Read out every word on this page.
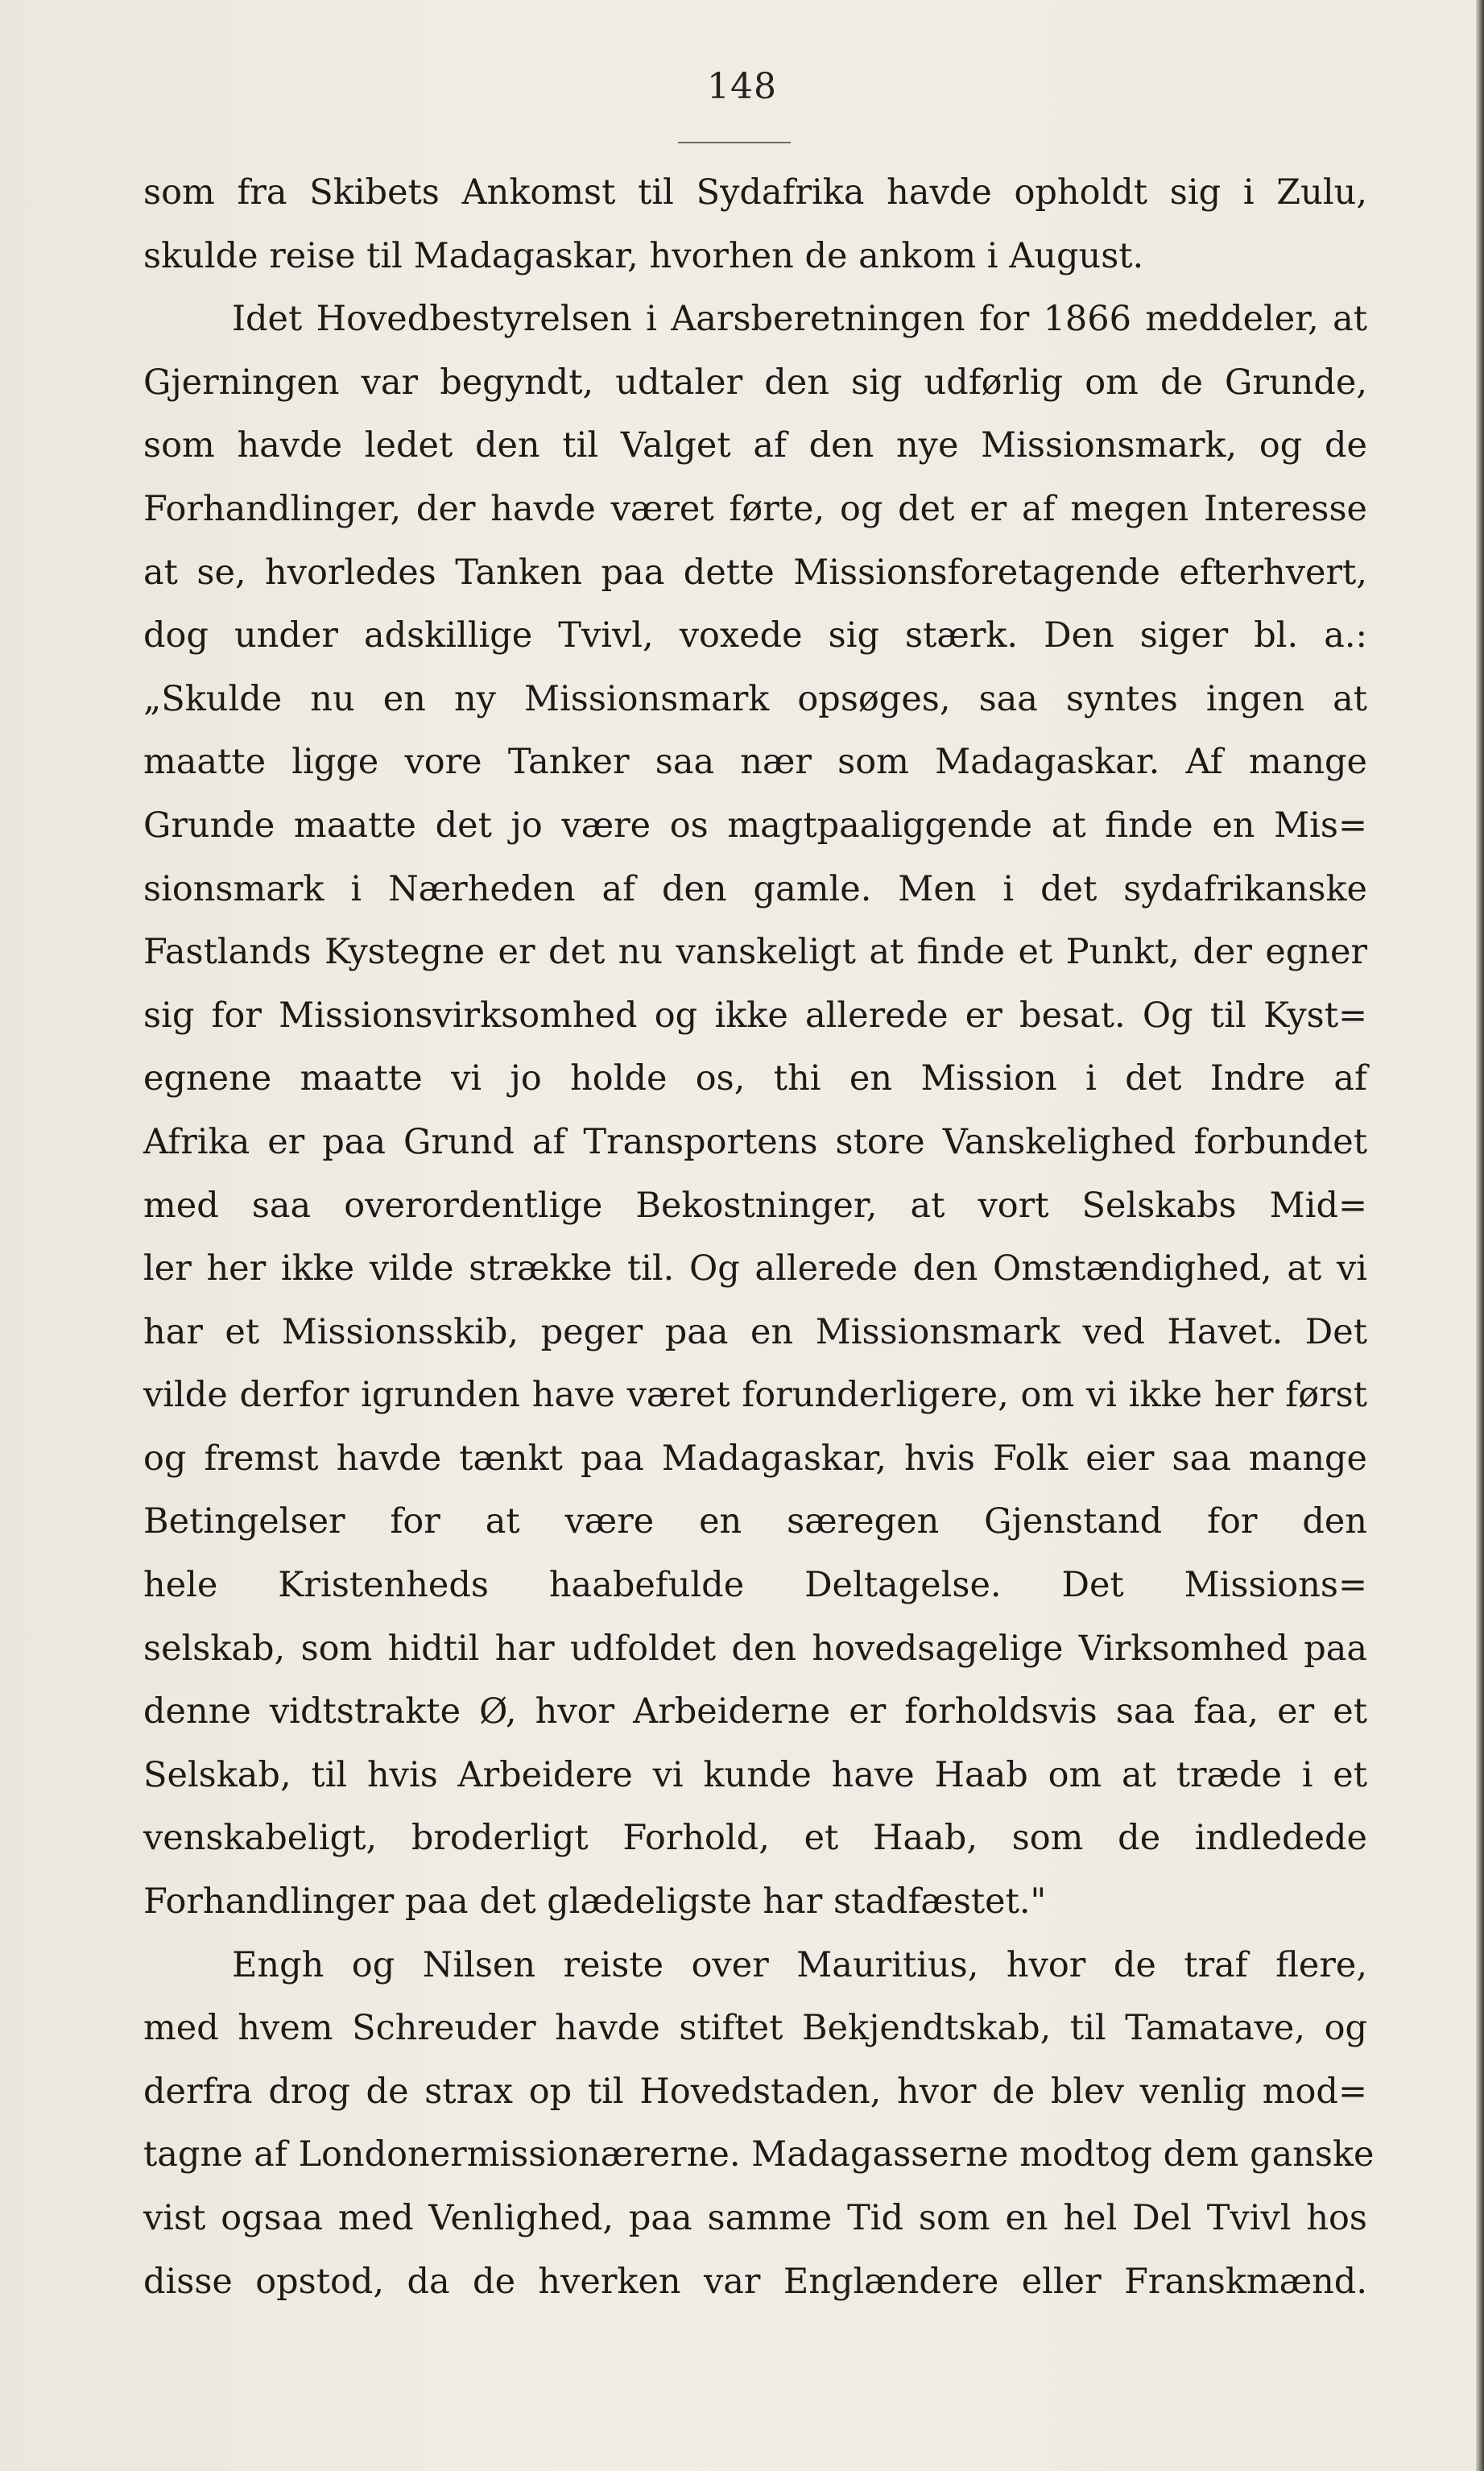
148
som fra Skibets Ankomst til Sydafrika havde opholdt sig i Zulu,
skulde reise til Madagaskar, hvorhen de ankom i August.
Idet Hovedbestyrelsen i Aarsberetningen for 1866 meddeler, at
Gjerningen var begyndt, udtaler den sig udførlig om de Grunde,
som havde ledet den til Valget af den nye Missionsmark, og de
Forhandlinger, der havde været førte, og det er af megen Interesse
at se, hvorledes Tanken paa dette Missionsforetagende efterhvert,
dog under adskillige Tvivl, voxede sig stærk. Den siger bl. a.:
„Skulde nu en ny Missionsmark opsøges, saa syntes ingen at
maatte ligge vore Tanker saa nær som Madagaskar. Af mange
Grunde maatte det jo være os magtpaaliggende at finde en Mis=
sionsmark i Nærheden af den gamle. Men i det sydafrikanske
Fastlands Kystegne er det nu vanskeligt at finde et Punkt, der egner
sig for Missionsvirksomhed og ikke allerede er besat. Og til Kyst=
egnene maatte vi jo holde os, thi en Mission i det Indre af
Afrika er paa Grund af Transportens store Vanskelighed forbundet
med saa overordentlige Bekostninger, at vort Selskabs Mid=
ler her ikke vilde strække til. Og allerede den Omstændighed, at vi
har et Missionsskib, peger paa en Missionsmark ved Havet. Det
vilde derfor igrunden have været forunderligere, om vi ikke her først
og fremst havde tænkt paa Madagaskar, hvis Folk eier saa mange
Betingelser for at være en særegen Gjenstand for den
hele Kristenheds haabefulde Deltagelse. Det Missions=
selskab, som hidtil har udfoldet den hovedsagelige Virksomhed paa
denne vidtstrakte Ø, hvor Arbeiderne er forholdsvis saa faa, er et
Selskab, til hvis Arbeidere vi kunde have Haab om at træde i et
venskabeligt, broderligt Forhold, et Haab, som de indledede
Forhandlinger paa det glædeligste har stadfæstet."
Engh og Nilsen reiste over Mauritius, hvor de traf flere,
med hvem Schreuder havde stiftet Bekjendtskab, til Tamatave, og
derfra drog de strax op til Hovedstaden, hvor de blev venlig mod=
tagne af Londonermissionærerne. Madagasserne modtog dem ganske
vist ogsaa med Venlighed, paa samme Tid som en hel Del Tvivl hos
disse opstod, da de hverken var Englændere eller Franskmænd.
